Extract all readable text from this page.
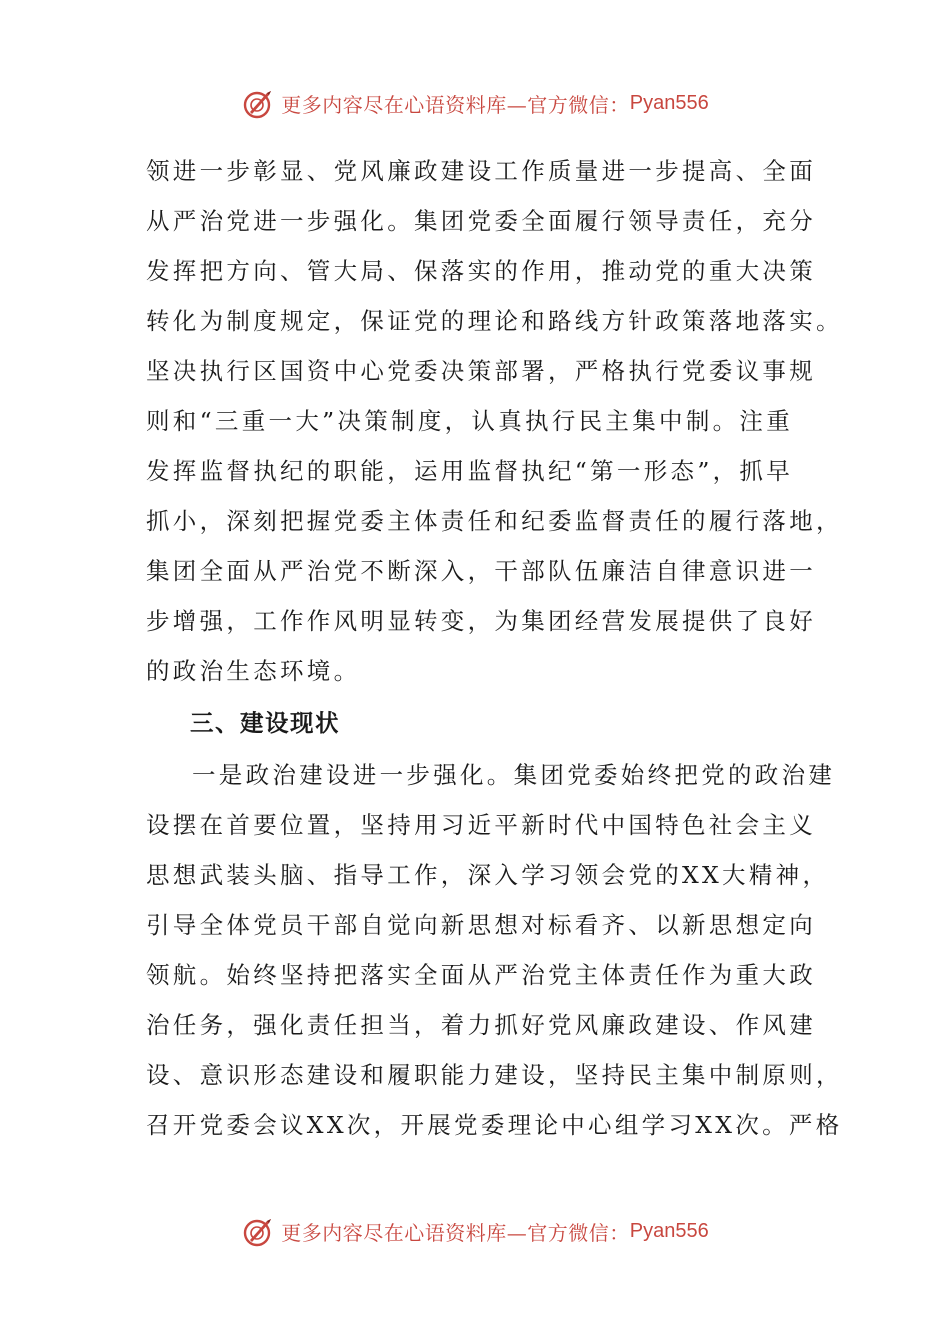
更多内容尽在心语资料库—官方微信： Pyan556
领进一步彰显、党风廉政建设工作质量进一步提高、全面
从严治党进一步强化。集团党委全面履行领导责任，充分
发挥把方向、管大局、保落实的作用，推动党的重大决策
转化为制度规定，保证党的理论和路线方针政策落地落实。
坚决执行区国资中心党委决策部署，严格执行党委议事规
则和“三重一大”决策制度，认真执行民主集中制。注重
发挥监督执纪的职能，运用监督执纪“第一形态”，抓早
抓小，深刻把握党委主体责任和纪委监督责任的履行落地，
集团全面从严治党不断深入，干部队伍廉洁自律意识进一
步增强，工作作风明显转变，为集团经营发展提供了良好
的政治生态环境。
三、建设现状
一是政治建设进一步强化。集团党委始终把党的政治建
设摆在首要位置，坚持用习近平新时代中国特色社会主义
思想武装头脑、指导工作，深入学习领会党的XX大精神，
引导全体党员干部自觉向新思想对标看齐、以新思想定向
领航。始终坚持把落实全面从严治党主体责任作为重大政
治任务，强化责任担当，着力抓好党风廉政建设、作风建
设、意识形态建设和履职能力建设，坚持民主集中制原则，
召开党委会议XX次，开展党委理论中心组学习XX次。严格
更多内容尽在心语资料库—官方微信： Pyan556
